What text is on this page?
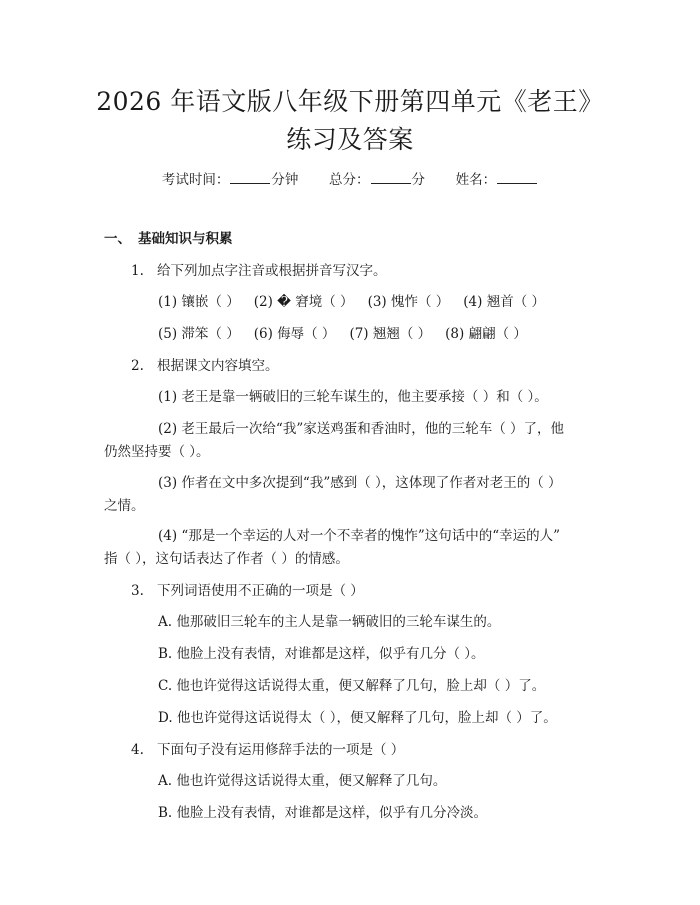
2026 年语文版八年级下册第四单元《老王》
练习及答案
考试时间：	分钟 总分：	分 姓名：
一、 基础知识与积累
1. 给下列加点字注音或根据拼音写汉字。
(1) 镶嵌（ ） (2) � 窘境（ ） (3) 愧怍（ ） (4) 翘首（ ）
(5) 滞笨（ ） (6) 侮辱（ ） (7) 翘翘（ ） (8) 翩翩（ ）
2. 根据课文内容填空。
(1) 老王是靠一辆破旧的三轮车谋生的，他主要承接（ ）和（ ）。
(2) 老王最后一次给“我”家送鸡蛋和香油时，他的三轮车（ ）了，他
仍然坚持要（ ）。
(3) 作者在文中多次提到“我”感到（ ），这体现了作者对老王的（ ）
之情。
(4) “那是一个幸运的人对一个不幸者的愧怍”这句话中的“幸运的人”
指（ ），这句话表达了作者（ ）的情感。
3. 下列词语使用不正确的一项是（ ）
A. 他那破旧三轮车的主人是靠一辆破旧的三轮车谋生的。
B. 他脸上没有表情，对谁都是这样，似乎有几分（ ）。
C. 他也许觉得这话说得太重，便又解释了几句，脸上却（ ）了。
D. 他也许觉得这话说得太（ ），便又解释了几句，脸上却（ ）了。
4. 下面句子没有运用修辞手法的一项是（ ）
A. 他也许觉得这话说得太重，便又解释了几句。
B. 他脸上没有表情，对谁都是这样，似乎有几分冷淡。
